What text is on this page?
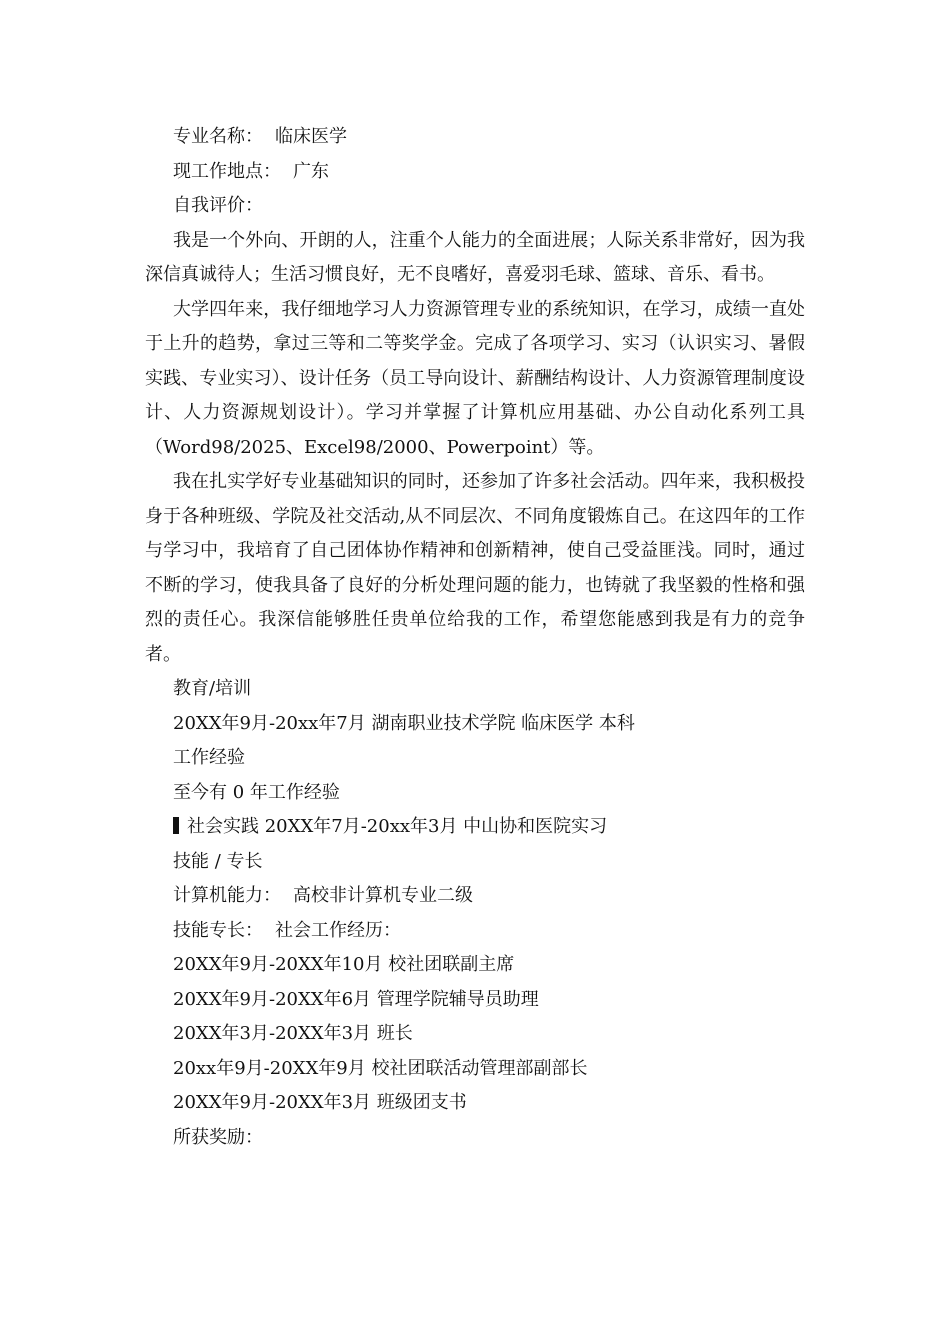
专业名称： 临床医学
现工作地点： 广东
自我评价：

我是一个外向、开朗的人，注重个人能力的全面进展；人际关系非常好，因为我深信真诚待人；生活习惯良好，无不良嗜好，喜爱羽毛球、篮球、音乐、看书。

大学四年来，我仔细地学习人力资源管理专业的系统知识，在学习，成绩一直处于上升的趋势，拿过三等和二等奖学金。完成了各项学习、实习（认识实习、暑假实践、专业实习）、设计任务（员工导向设计、薪酬结构设计、人力资源管理制度设计、人力资源规划设计）。学习并掌握了计算机应用基础、办公自动化系列工具（Word98/2025、Excel98/2000、Powerpoint）等。

我在扎实学好专业基础知识的同时，还参加了许多社会活动。四年来，我积极投身于各种班级、学院及社交活动,从不同层次、不同角度锻炼自己。在这四年的工作与学习中，我培育了自己团体协作精神和创新精神，使自己受益匪浅。同时，通过不断的学习，使我具备了良好的分析处理问题的能力，也铸就了我坚毅的性格和强烈的责任心。我深信能够胜任贵单位给我的工作，希望您能感到我是有力的竞争者。

教育/培训
20XX年9月-20xx年7月 湖南职业技术学院 临床医学 本科
工作经验
至今有 0 年工作经验
社会实践 20XX年7月-20xx年3月 中山协和医院实习
技能 / 专长
计算机能力： 高校非计算机专业二级
技能专长： 社会工作经历：
20XX年9月-20XX年10月 校社团联副主席
20XX年9月-20XX年6月 管理学院辅导员助理
20XX年3月-20XX年3月 班长
20xx年9月-20XX年9月 校社团联活动管理部副部长
20XX年9月-20XX年3月 班级团支书
所获奖励：
